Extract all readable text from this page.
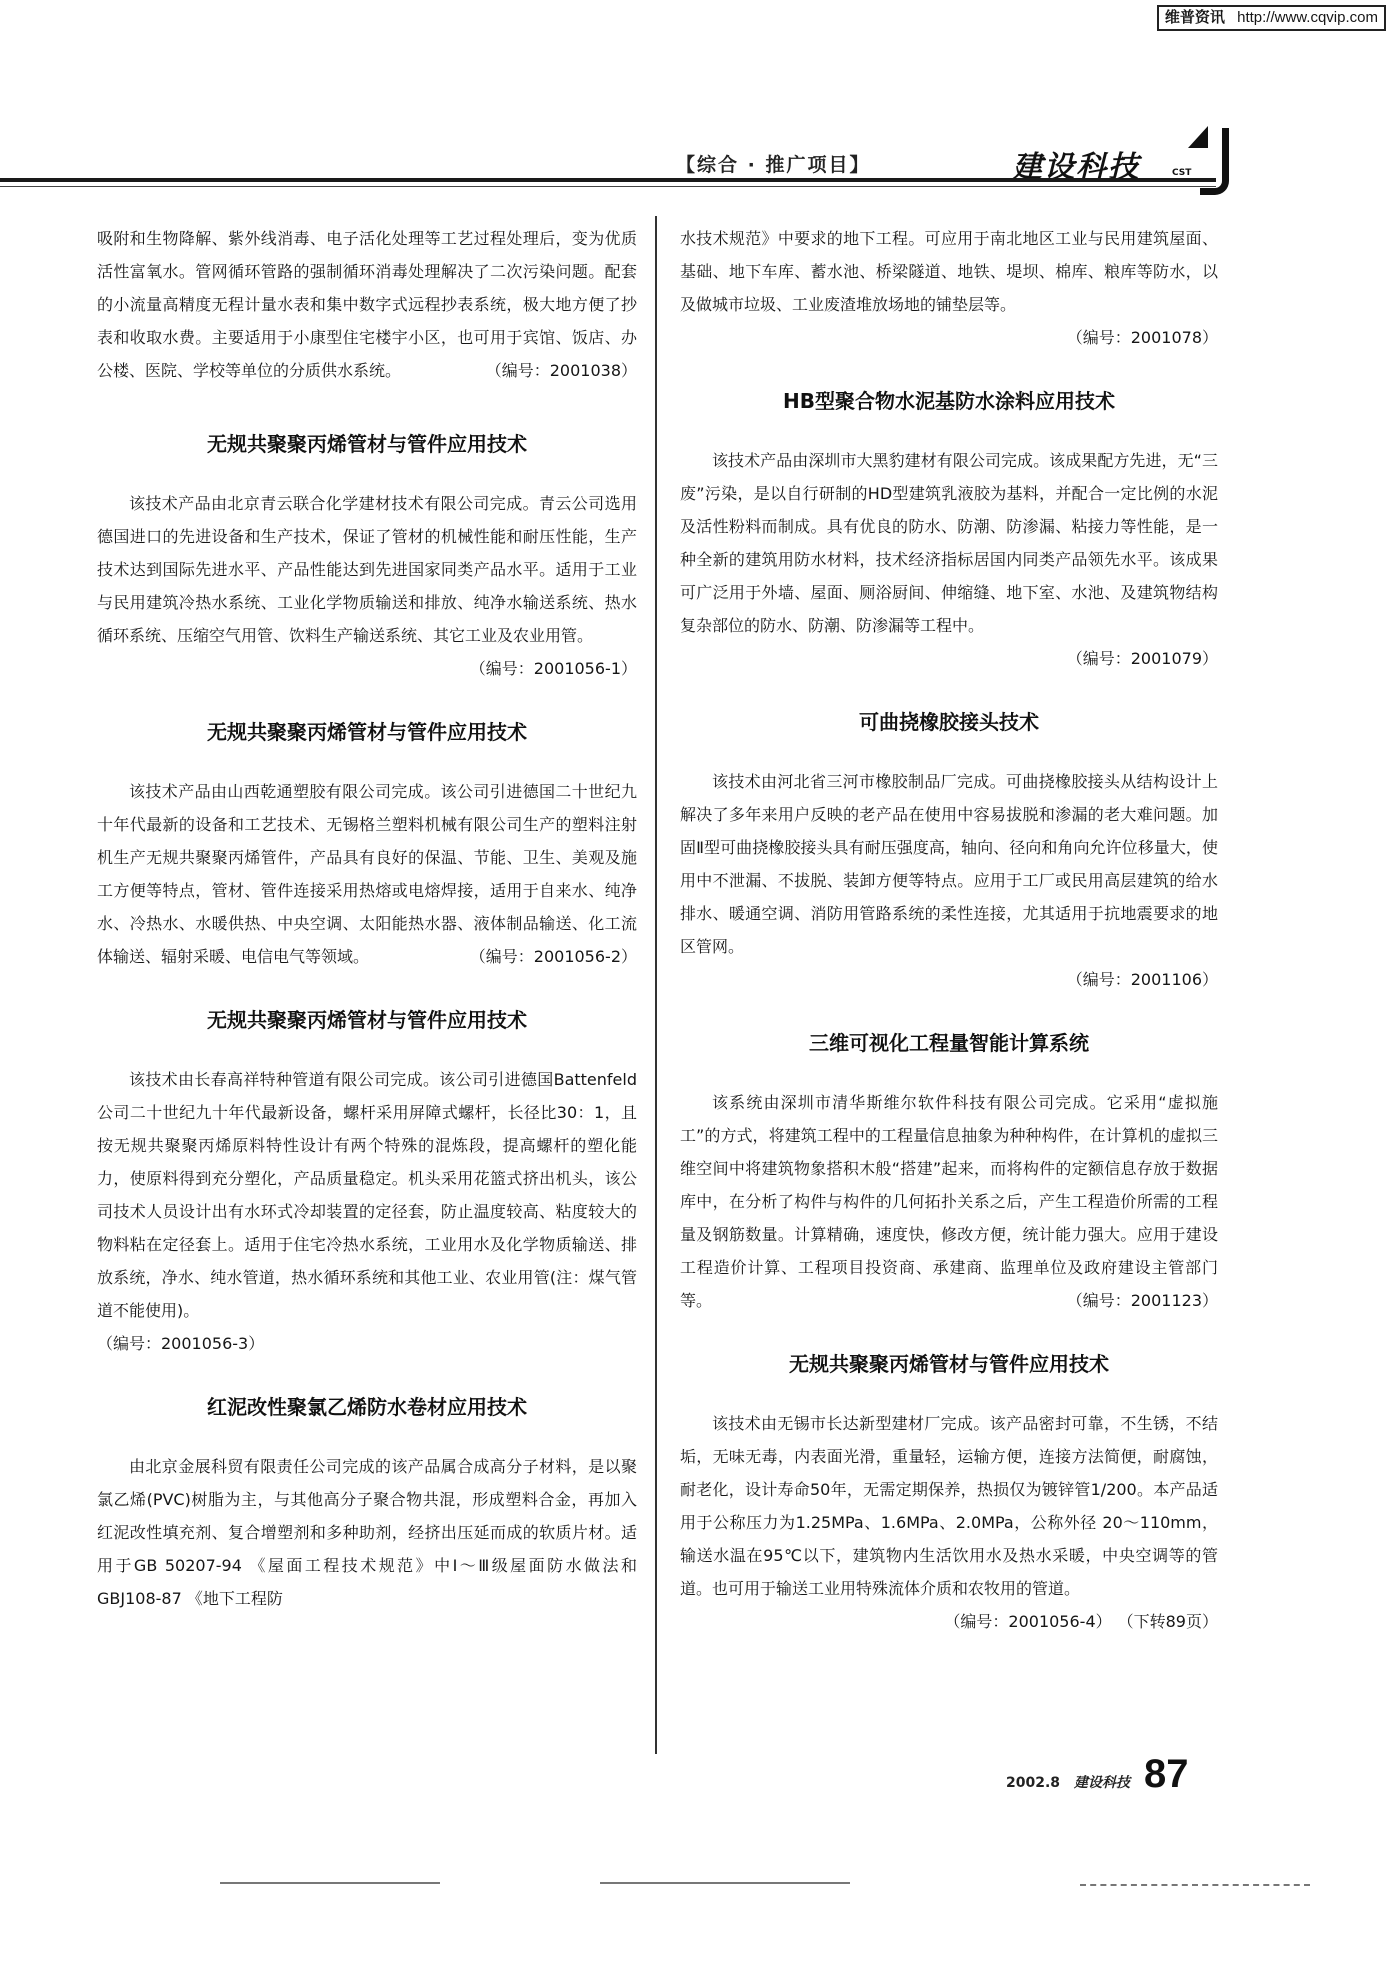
维普资讯 http://www.cqvip.com
【综合 · 推广项目】	建设科技	CST

吸附和生物降解、紫外线消毒、电子活化处理等工艺过程处理后，变为优质活性富氧水。管网循环管路的强制循环消毒处理解决了二次污染问题。配套的小流量高精度无程计量水表和集中数字式远程抄表系统，极大地方便了抄表和收取水费。主要适用于小康型住宅楼宇小区，也可用于宾馆、饭店、办公楼、医院、学校等单位的分质供水系统。	（编号：2001038）

无规共聚聚丙烯管材与管件应用技术

该技术产品由北京青云联合化学建材技术有限公司完成。青云公司选用德国进口的先进设备和生产技术，保证了管材的机械性能和耐压性能，生产技术达到国际先进水平、产品性能达到先进国家同类产品水平。适用于工业与民用建筑冷热水系统、工业化学物质输送和排放、纯净水输送系统、热水循环系统、压缩空气用管、饮料生产输送系统、其它工业及农业用管。

（编号：2001056-1）

无规共聚聚丙烯管材与管件应用技术

该技术产品由山西乾通塑胶有限公司完成。该公司引进德国二十世纪九十年代最新的设备和工艺技术、无锡格兰塑料机械有限公司生产的塑料注射机生产无规共聚聚丙烯管件，产品具有良好的保温、节能、卫生、美观及施工方便等特点，管材、管件连接采用热熔或电熔焊接，适用于自来水、纯净水、冷热水、水暖供热、中央空调、太阳能热水器、液体制品输送、化工流体输送、辐射采暖、电信电气等领域。	（编号：2001056-2）

无规共聚聚丙烯管材与管件应用技术

该技术由长春高祥特种管道有限公司完成。该公司引进德国Battenfeld公司二十世纪九十年代最新设备，螺杆采用屏障式螺杆，长径比30：1，且按无规共聚聚丙烯原料特性设计有两个特殊的混炼段，提高螺杆的塑化能力，使原料得到充分塑化，产品质量稳定。机头采用花篮式挤出机头，该公司技术人员设计出有水环式冷却装置的定径套，防止温度较高、粘度较大的物料粘在定径套上。适用于住宅冷热水系统，工业用水及化学物质输送、排放系统，净水、纯水管道，热水循环系统和其他工业、农业用管(注：煤气管道不能使用)。

（编号：2001056-3）

红泥改性聚氯乙烯防水卷材应用技术

由北京金展科贸有限责任公司完成的该产品属合成高分子材料，是以聚氯乙烯(PVC)树脂为主，与其他高分子聚合物共混，形成塑料合金，再加入红泥改性填充剂、复合增塑剂和多种助剂，经挤出压延而成的软质片材。适用于GB 50207-94 《屋面工程技术规范》中Ⅰ～Ⅲ级屋面防水做法和GBJ108-87 《地下工程防

水技术规范》中要求的地下工程。可应用于南北地区工业与民用建筑屋面、基础、地下车库、蓄水池、桥梁隧道、地铁、堤坝、棉库、粮库等防水，以及做城市垃圾、工业废渣堆放场地的铺垫层等。

（编号：2001078）

HB型聚合物水泥基防水涂料应用技术

该技术产品由深圳市大黑豹建材有限公司完成。该成果配方先进，无“三废”污染，是以自行研制的HD型建筑乳液胶为基料，并配合一定比例的水泥及活性粉料而制成。具有优良的防水、防潮、防渗漏、粘接力等性能，是一种全新的建筑用防水材料，技术经济指标居国内同类产品领先水平。该成果可广泛用于外墙、屋面、厕浴厨间、伸缩缝、地下室、水池、及建筑物结构复杂部位的防水、防潮、防渗漏等工程中。

（编号：2001079）

可曲挠橡胶接头技术

该技术由河北省三河市橡胶制品厂完成。可曲挠橡胶接头从结构设计上解决了多年来用户反映的老产品在使用中容易拔脱和渗漏的老大难问题。加固Ⅱ型可曲挠橡胶接头具有耐压强度高，轴向、径向和角向允许位移量大，使用中不泄漏、不拔脱、装卸方便等特点。应用于工厂或民用高层建筑的给水排水、暖通空调、消防用管路系统的柔性连接，尤其适用于抗地震要求的地区管网。

（编号：2001106）

三维可视化工程量智能计算系统

该系统由深圳市清华斯维尔软件科技有限公司完成。它采用“虚拟施工”的方式，将建筑工程中的工程量信息抽象为种种构件，在计算机的虚拟三维空间中将建筑物象搭积木般“搭建”起来，而将构件的定额信息存放于数据库中，在分析了构件与构件的几何拓扑关系之后，产生工程造价所需的工程量及钢筋数量。计算精确，速度快，修改方便，统计能力强大。应用于建设工程造价计算、工程项目投资商、承建商、监理单位及政府建设主管部门等。	（编号：2001123）

无规共聚聚丙烯管材与管件应用技术

该技术由无锡市长达新型建材厂完成。该产品密封可靠，不生锈，不结垢，无味无毒，内表面光滑，重量轻，运输方便，连接方法简便，耐腐蚀，耐老化，设计寿命50年，无需定期保养，热损仅为镀锌管1/200。本产品适用于公称压力为1.25MPa、1.6MPa、2.0MPa，公称外径 20～110mm，输送水温在95℃以下，建筑物内生活饮用水及热水采暖，中央空调等的管道。也可用于输送工业用特殊流体介质和农牧用的管道。

（编号：2001056-4） （下转89页）

2002.8 建设科技 87
